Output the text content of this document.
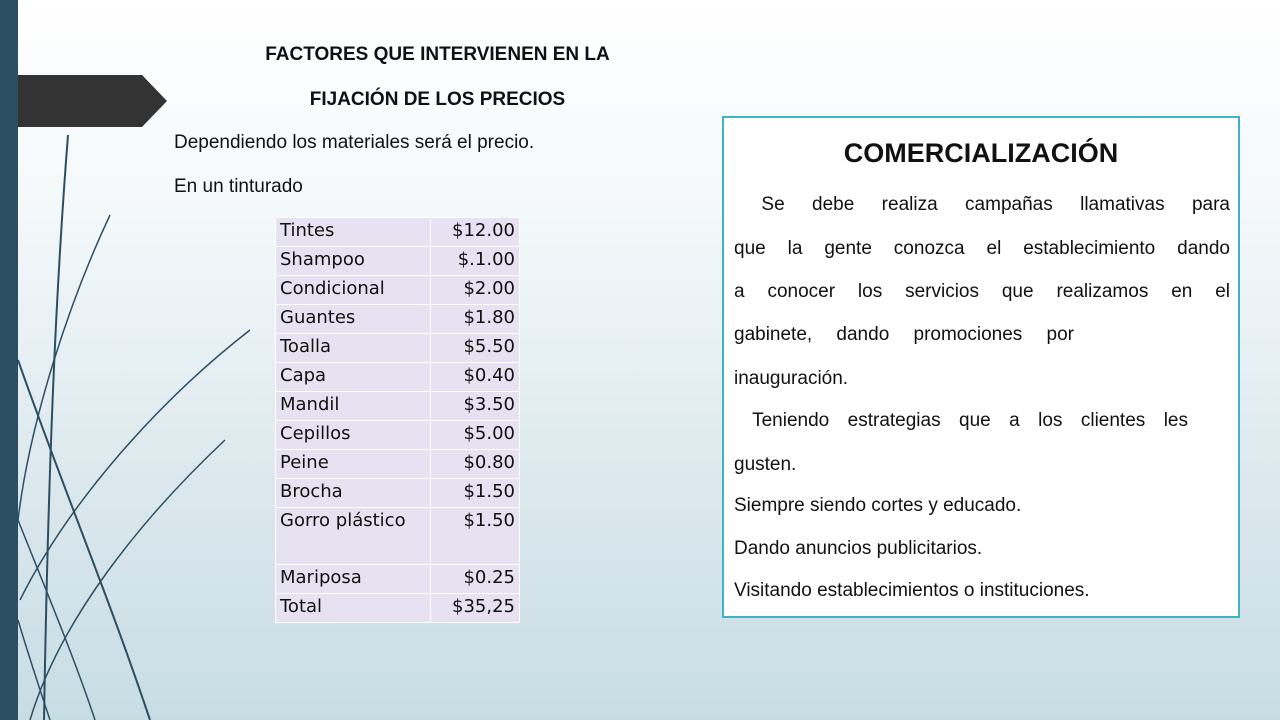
FACTORES QUE INTERVIENEN EN LA

FIJACIÓN DE LOS PRECIOS

Dependiendo los materiales será el precio.

En un tinturado

Tintes	$12.00
Shampoo	$.1.00
Condicional	$2.00
Guantes	$1.80
Toalla	$5.50
Capa	$0.40
Mandil	$3.50
Cepillos	$5.00
Peine	$0.80
Brocha	$1.50
Gorro plástico	$1.50
Mariposa	$0.25
Total	$35,25

COMERCIALIZACIÓN

Se debe realiza campañas llamativas para

que la gente conozca el establecimiento dando

a conocer los servicios que realizamos en el

gabinete, dando promociones por

inauguración.

Teniendo estrategias que a los clientes les

gusten.

Siempre siendo cortes y educado.

Dando anuncios publicitarios.

Visitando establecimientos o instituciones.
